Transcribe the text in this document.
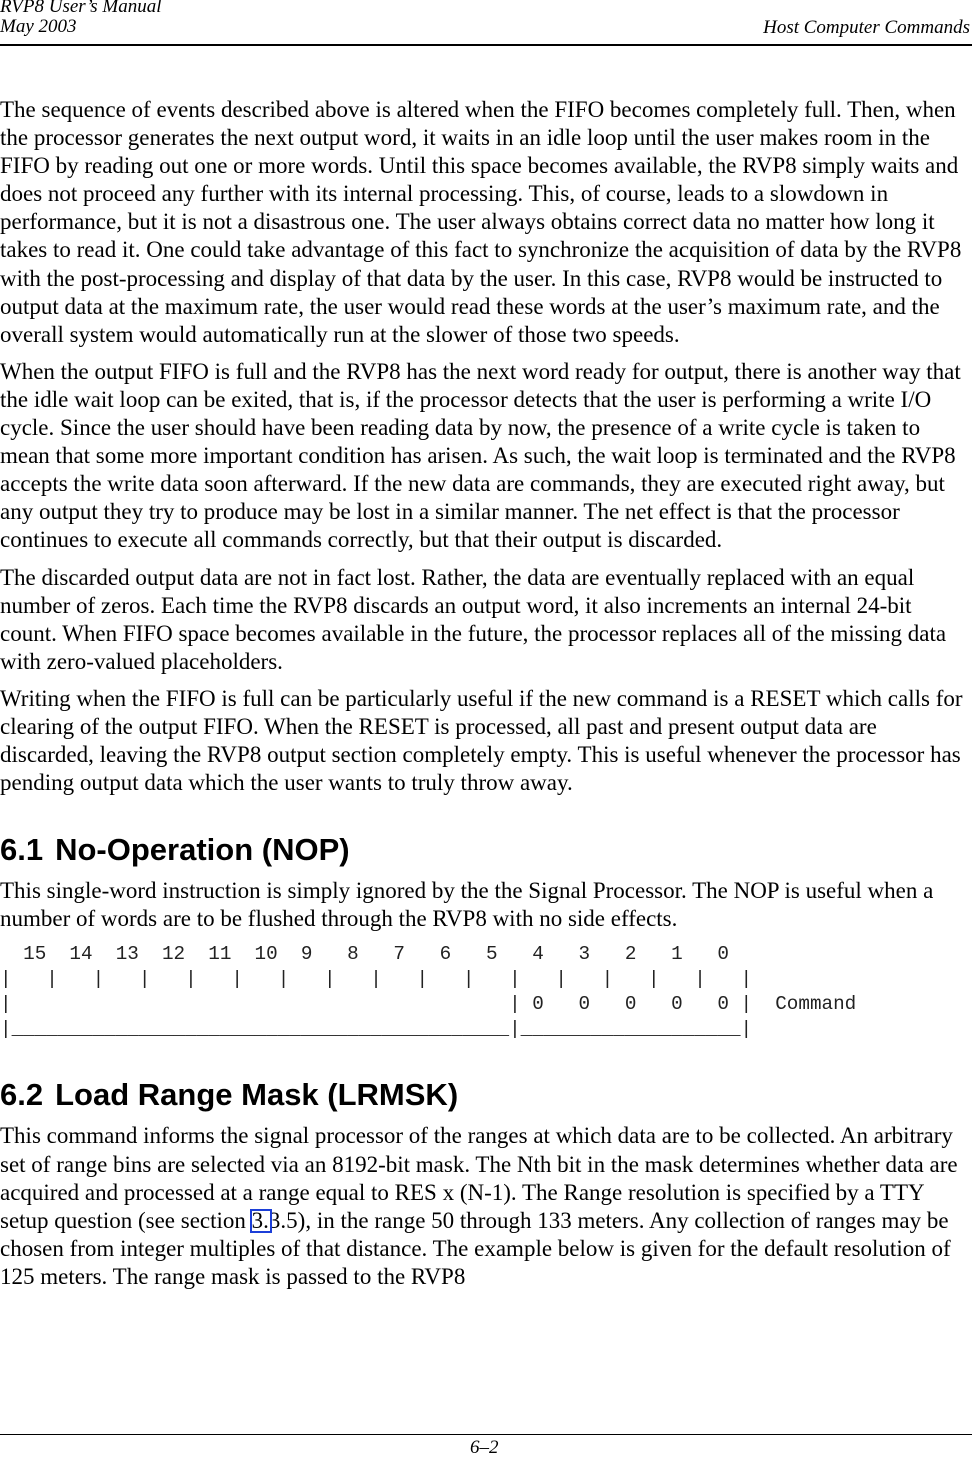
RVP8 User’s Manual
May 2003	Host Computer Commands

The sequence of events described above is altered when the FIFO becomes completely full. Then, when the processor generates the next output word, it waits in an idle loop until the user makes room in the FIFO by reading out one or more words. Until this space becomes available, the RVP8 simply waits and does not proceed any further with its internal processing. This, of course, leads to a slowdown in performance, but it is not a disastrous one. The user always obtains correct data no matter how long it takes to read it. One could take advantage of this fact to synchronize the acquisition of data by the RVP8 with the post-processing and display of that data by the user. In this case, RVP8 would be instructed to output data at the maximum rate, the user would read these words at the user’s maximum rate, and the overall system would automatically run at the slower of those two speeds.

When the output FIFO is full and the RVP8 has the next word ready for output, there is another way that the idle wait loop can be exited, that is, if the processor detects that the user is performing a write I/O cycle. Since the user should have been reading data by now, the presence of a write cycle is taken to mean that some more important condition has arisen. As such, the wait loop is terminated and the RVP8 accepts the write data soon afterward. If the new data are commands, they are executed right away, but any output they try to produce may be lost in a similar manner. The net effect is that the processor continues to execute all commands correctly, but that their output is discarded.

The discarded output data are not in fact lost. Rather, the data are eventually replaced with an equal number of zeros. Each time the RVP8 discards an output word, it also increments an internal 24-bit count. When FIFO space becomes available in the future, the processor replaces all of the missing data with zero-valued placeholders.

Writing when the FIFO is full can be particularly useful if the new command is a RESET which calls for clearing of the output FIFO. When the RESET is processed, all past and present output data are discarded, leaving the RVP8 output section completely empty. This is useful whenever the processor has pending output data which the user wants to truly throw away.

6.1 No-Operation (NOP)

This single-word instruction is simply ignored by the the Signal Processor. The NOP is useful when a number of words are to be flushed through the RVP8 with no side effects.

15  14  13  12  11  10  9   8   7   6   5   4   3   2   1   0
|   |   |   |   |   |   |   |   |   |   |   |   |   |   |   |   |
|                                           | 0   0   0   0   0 |  Command
|___________________________________________|___________________|
6.2 Load Range Mask (LRMSK)

This command informs the signal processor of the ranges at which data are to be collected. An arbitrary set of range bins are selected via an 8192-bit mask. The Nth bit in the mask determines whether data are acquired and processed at a range equal to RES x (N-1). The Range resolution is specified by a TTY setup question (see section
3.3.5), in the range 50 through 133 meters. Any collection of ranges may be chosen from integer multiples of that distance. The example below is given for the default resolution of 125 meters. The range mask is passed to the RVP8

6–2
